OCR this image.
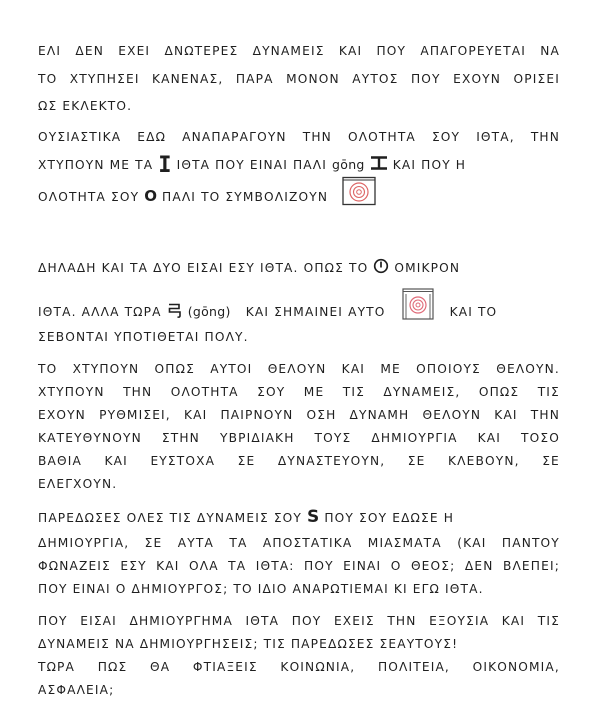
ΕΛΙ ΔΕΝ ΕΧΕΙ ΔΝΩΤΕΡΕΣ ΔΥΝΑΜΕΙΣ ΚΑΙ ΠΟΥ ΑΠΑΓΟΡΕΥΕΤΑΙ ΝΑ
ΤΟ ΧΤΥΠΗΣΕΙ ΚΑΝΕΝΑΣ, ΠΑΡΑ ΜΟΝΟΝ ΑΥΤΟΣ ΠΟΥ ΕΧΟΥΝ ΟΡΙΣΕΙ
ΩΣ ΕΚΛΕΚΤΟ.
ΟΥΣΙΑΣΤΙΚΑ ΕΔΩ ΑΝΑΠΑΡΑΓΟΥΝ ΤΗΝ ΟΛΟΤΗΤΑ ΣΟΥ ΙΘΤΑ, ΤΗΝ
ΧΤΥΠΟΥΝ ΜΕ ΤΑ I ΙΘΤΑ ΠΟΥ ΕΙΝΑΙ ΠΑΛΙ gōng ΚΑΙ ΠΟΥ Η
ΟΛΟΤΗΤΑ ΣΟΥ O ΠΑΛΙ ΤΟ ΣΥΜΒΟΛΙΖΟΥΝ
ΔΗΛΑΔΗ ΚΑΙ ΤΑ ΔΥΟ ΕΙΣΑΙ ΕΣΥ ΙΘΤΑ. ΟΠΩΣ ΤΟ ΟΜΙΚΡΟΝ
ΙΘΤΑ. ΑΛΛΑ ΤΩΡΑ (gōng) ΚΑΙ ΣΗΜΑΙΝΕΙ ΑΥΤΟ	ΚΑΙ ΤΟ
ΣΕΒΟΝΤΑΙ ΥΠΟΤΙΘΕΤΑΙ ΠΟΛΥ.
ΤΟ ΧΤΥΠΟΥΝ ΟΠΩΣ ΑΥΤΟΙ ΘΕΛΟΥΝ ΚΑΙ ΜΕ ΟΠΟΙΟΥΣ ΘΕΛΟΥΝ.
ΧΤΥΠΟΥΝ ΤΗΝ ΟΛΟΤΗΤΑ ΣΟΥ ΜΕ ΤΙΣ ΔΥΝΑΜΕΙΣ, ΟΠΩΣ ΤΙΣ
ΕΧΟΥΝ ΡΥΘΜΙΣΕΙ, ΚΑΙ ΠΑΙΡΝΟΥΝ ΟΣΗ ΔΥΝΑΜΗ ΘΕΛΟΥΝ ΚΑΙ ΤΗΝ
ΚΑΤΕΥΘΥΝΟΥΝ ΣΤΗΝ ΥΒΡΙΔΙΑΚΗ ΤΟΥΣ ΔΗΜΙΟΥΡΓΙΑ ΚΑΙ ΤΟΣΟ
ΒΑΘΙΑ ΚΑΙ ΕΥΣΤΟΧΑ ΣΕ ΔΥΝΑΣΤΕΥΟΥΝ, ΣΕ ΚΛΕΒΟΥΝ, ΣΕ
ΕΛΕΓΧΟΥΝ.
ΠΑΡΕΔΩΣΕΣ ΟΛΕΣ ΤΙΣ ΔΥΝΑΜΕΙΣ ΣΟΥ S ΠΟΥ ΣΟΥ ΕΔΩΣΕ Η
ΔΗΜΙΟΥΡΓΙΑ, ΣΕ ΑΥΤΑ ΤΑ ΑΠΟΣΤΑΤΙΚΑ ΜΙΑΣΜΑΤΑ (ΚΑΙ ΠΑΝΤΟΥ
ΦΩΝΑΖΕΙΣ ΕΣΥ ΚΑΙ ΟΛΑ ΤΑ ΙΘΤΑ: ΠΟΥ ΕΙΝΑΙ Ο ΘΕΟΣ; ΔΕΝ ΒΛΕΠΕΙ;
ΠΟΥ ΕΙΝΑΙ Ο ΔΗΜΙΟΥΡΓΟΣ; ΤΟ ΙΔΙΟ ΑΝΑΡΩΤΙΕΜΑΙ ΚΙ ΕΓΩ ΙΘΤΑ.
ΠΟΥ ΕΙΣΑΙ ΔΗΜΙΟΥΡΓΗΜΑ ΙΘΤΑ ΠΟΥ ΕΧΕΙΣ ΤΗΝ ΕΞΟΥΣΙΑ ΚΑΙ ΤΙΣ
ΔΥΝΑΜΕΙΣ ΝΑ ΔΗΜΙΟΥΡΓΗΣΕΙΣ; ΤΙΣ ΠΑΡΕΔΩΣΕΣ ΣΕΑΥΤΟΥΣ!
ΤΩΡΑ ΠΩΣ ΘΑ ΦΤΙΑΞΕΙΣ ΚΟΙΝΩΝΙΑ, ΠΟΛΙΤΕΙΑ, ΟΙΚΟΝΟΜΙΑ,
ΑΣΦΑΛΕΙΑ;
